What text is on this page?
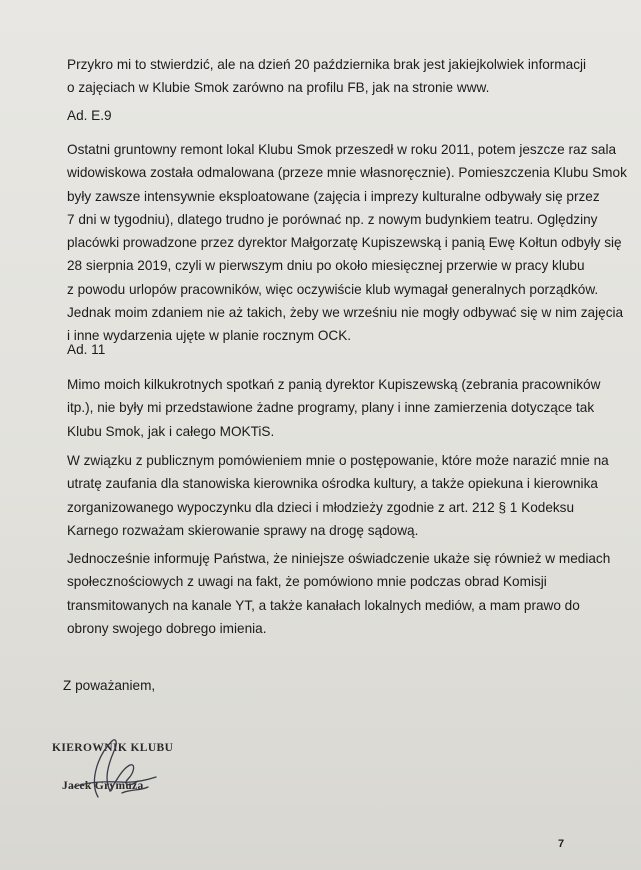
Przykro mi to stwierdzić, ale na dzień 20 października brak jest jakiejkolwiek informacji
o zajęciach w Klubie Smok zarówno na profilu FB, jak na stronie www.

Ad. E.9

Ostatni gruntowny remont lokal Klubu Smok przeszedł w roku 2011, potem jeszcze raz sala
widowiskowa została odmalowana (przeze mnie własnoręcznie). Pomieszczenia Klubu Smok
były zawsze intensywnie eksploatowane (zajęcia i imprezy kulturalne odbywały się przez
7 dni w tygodniu), dlatego trudno je porównać np. z nowym budynkiem teatru. Oględziny
placówki prowadzone przez dyrektor Małgorzatę Kupiszewską i panią Ewę Kołtun odbyły się
28 sierpnia 2019, czyli w pierwszym dniu po około miesięcznej przerwie w pracy klubu
z powodu urlopów pracowników, więc oczywiście klub wymagał generalnych porządków.
Jednak moim zdaniem nie aż takich, żeby we wrześniu nie mogły odbywać się w nim zajęcia
i inne wydarzenia ujęte w planie rocznym OCK.

Ad. 11

Mimo moich kilkukrotnych spotkań z panią dyrektor Kupiszewską (zebrania pracowników
itp.), nie były mi przedstawione żadne programy, plany i inne zamierzenia dotyczące tak
Klubu Smok, jak i całego MOKTiS.
W związku z publicznym pomówieniem mnie o postępowanie, które może narazić mnie na
utratę zaufania dla stanowiska kierownika ośrodka kultury, a także opiekuna i kierownika
zorganizowanego wypoczynku dla dzieci i młodzieży zgodnie z art. 212 § 1 Kodeksu
Karnego rozważam skierowanie sprawy na drogę sądową.
Jednocześnie informuję Państwa, że niniejsze oświadczenie ukaże się również w mediach
społecznościowych z uwagi na fakt, że pomówiono mnie podczas obrad Komisji
transmitowanych na kanale YT, a także kanałach lokalnych mediów, a mam prawo do
obrony swojego dobrego imienia.
Z poważaniem,
KIEROWNIK KLUBU
Jacek Grymuza
7
